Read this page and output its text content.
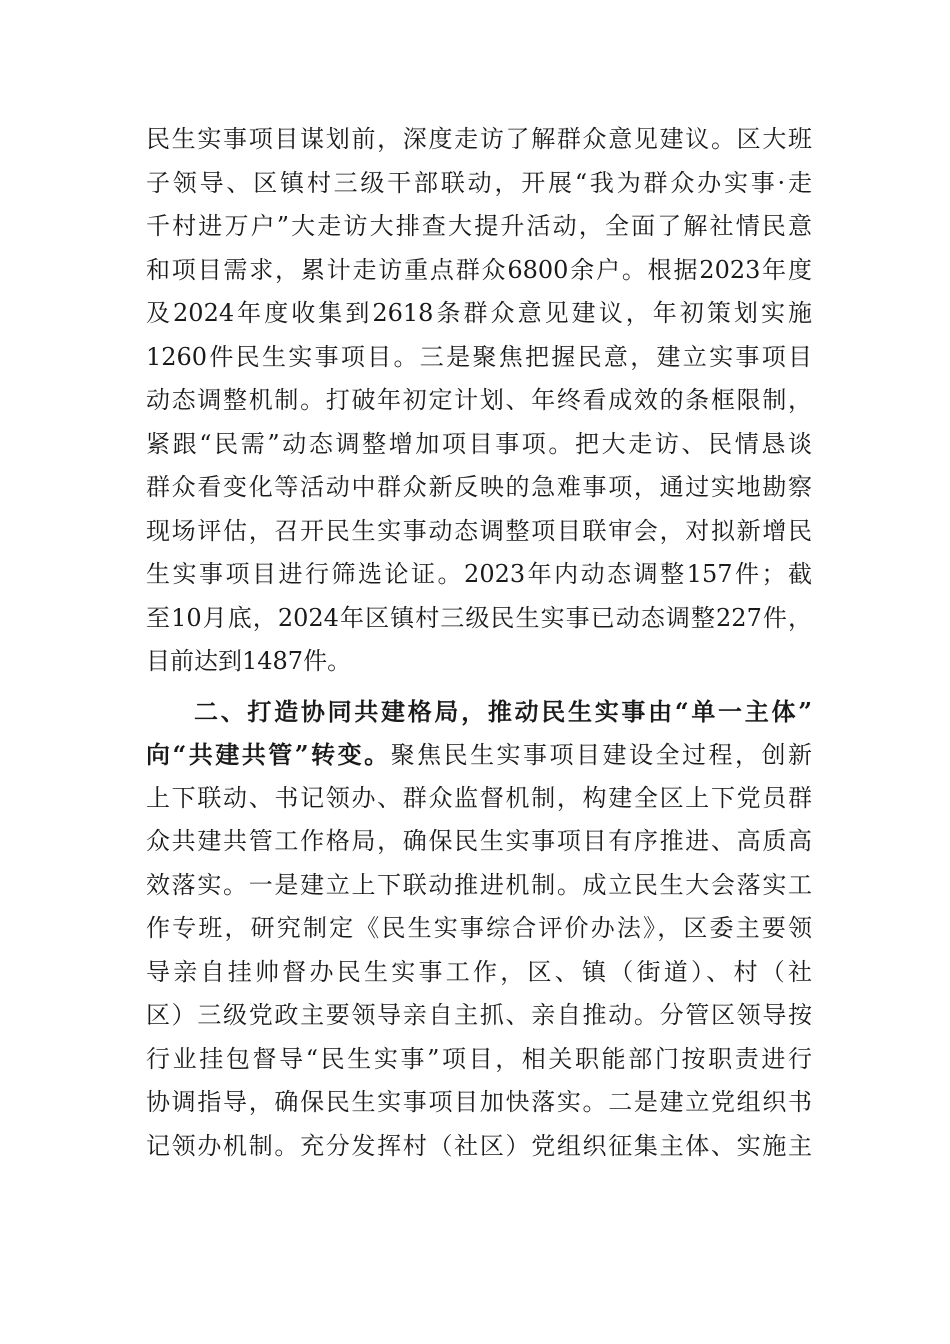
民生实事项目谋划前，深度走访了解群众意见建议。区大班
子领导、区镇村三级干部联动，开展“我为群众办实事·走
千村进万户”大走访大排查大提升活动，全面了解社情民意
和项目需求，累计走访重点群众6800余户。根据2023年度
及2024年度收集到2618条群众意见建议，年初策划实施
1260件民生实事项目。三是聚焦把握民意，建立实事项目
动态调整机制。打破年初定计划、年终看成效的条框限制，
紧跟“民需”动态调整增加项目事项。把大走访、民情恳谈
群众看变化等活动中群众新反映的急难事项，通过实地勘察
现场评估，召开民生实事动态调整项目联审会，对拟新增民
生实事项目进行筛选论证。2023年内动态调整157件；截
至10月底，2024年区镇村三级民生实事已动态调整227件，
目前达到1487件。
二、打造协同共建格局，推动民生实事由“单一主体”
向“共建共管”转变。聚焦民生实事项目建设全过程，创新
上下联动、书记领办、群众监督机制，构建全区上下党员群
众共建共管工作格局，确保民生实事项目有序推进、高质高
效落实。一是建立上下联动推进机制。成立民生大会落实工
作专班，研究制定《民生实事综合评价办法》，区委主要领
导亲自挂帅督办民生实事工作，区、镇（街道）、村（社
区）三级党政主要领导亲自主抓、亲自推动。分管区领导按
行业挂包督导“民生实事”项目，相关职能部门按职责进行
协调指导，确保民生实事项目加快落实。二是建立党组织书
记领办机制。充分发挥村（社区）党组织征集主体、实施主
